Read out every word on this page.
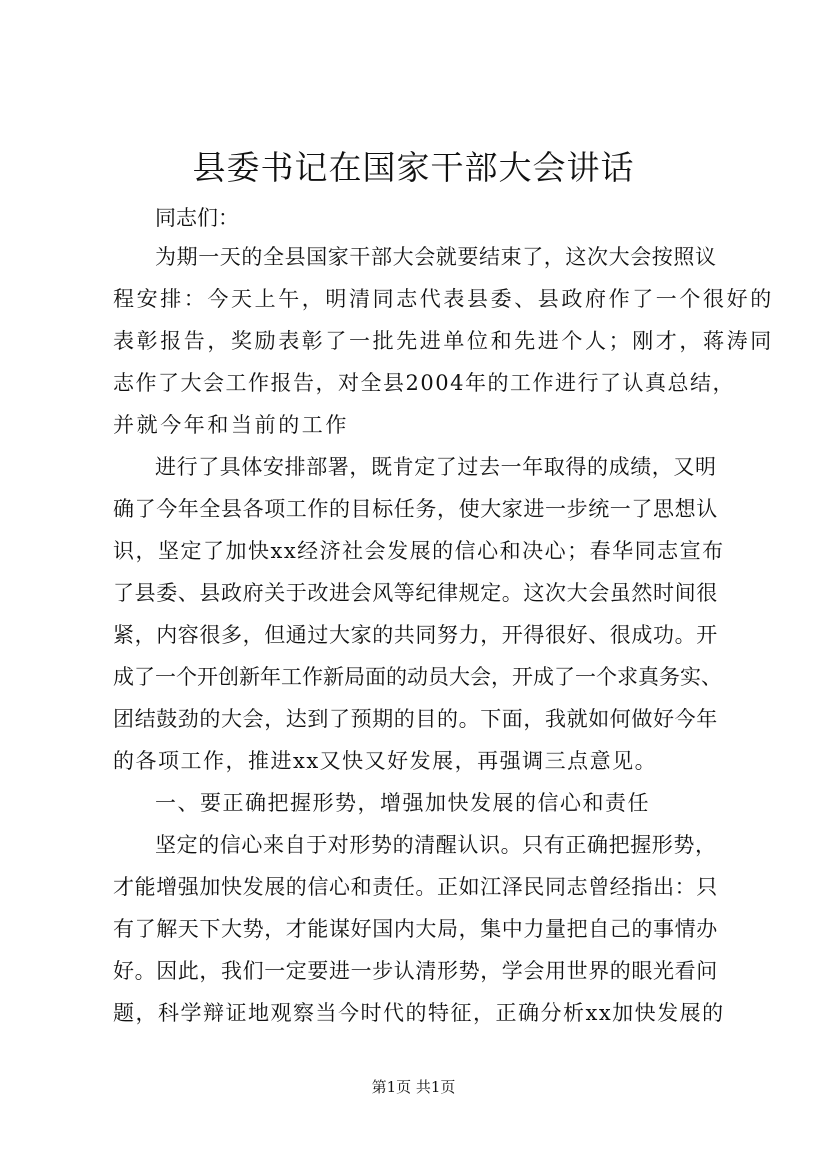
县委书记在国家干部大会讲话

同志们：

为期一天的全县国家干部大会就要结束了，这次大会按照议

程安排：今天上午，明清同志代表县委、县政府作了一个很好的

表彰报告，奖励表彰了一批先进单位和先进个人；刚才，蒋涛同

志作了大会工作报告，对全县2004年的工作进行了认真总结，

并就今年和当前的工作

进行了具体安排部署，既肯定了过去一年取得的成绩，又明

确了今年全县各项工作的目标任务，使大家进一步统一了思想认

识，坚定了加快xx经济社会发展的信心和决心；春华同志宣布

了县委、县政府关于改进会风等纪律规定。这次大会虽然时间很

紧，内容很多，但通过大家的共同努力，开得很好、很成功。开

成了一个开创新年工作新局面的动员大会，开成了一个求真务实、

团结鼓劲的大会，达到了预期的目的。下面，我就如何做好今年

的各项工作，推进xx又快又好发展，再强调三点意见。

一、要正确把握形势，增强加快发展的信心和责任

坚定的信心来自于对形势的清醒认识。只有正确把握形势，

才能增强加快发展的信心和责任。正如江泽民同志曾经指出：只

有了解天下大势，才能谋好国内大局，集中力量把自己的事情办

好。因此，我们一定要进一步认清形势，学会用世界的眼光看问

题，科学辩证地观察当今时代的特征，正确分析xx加快发展的

第1页 共1页
